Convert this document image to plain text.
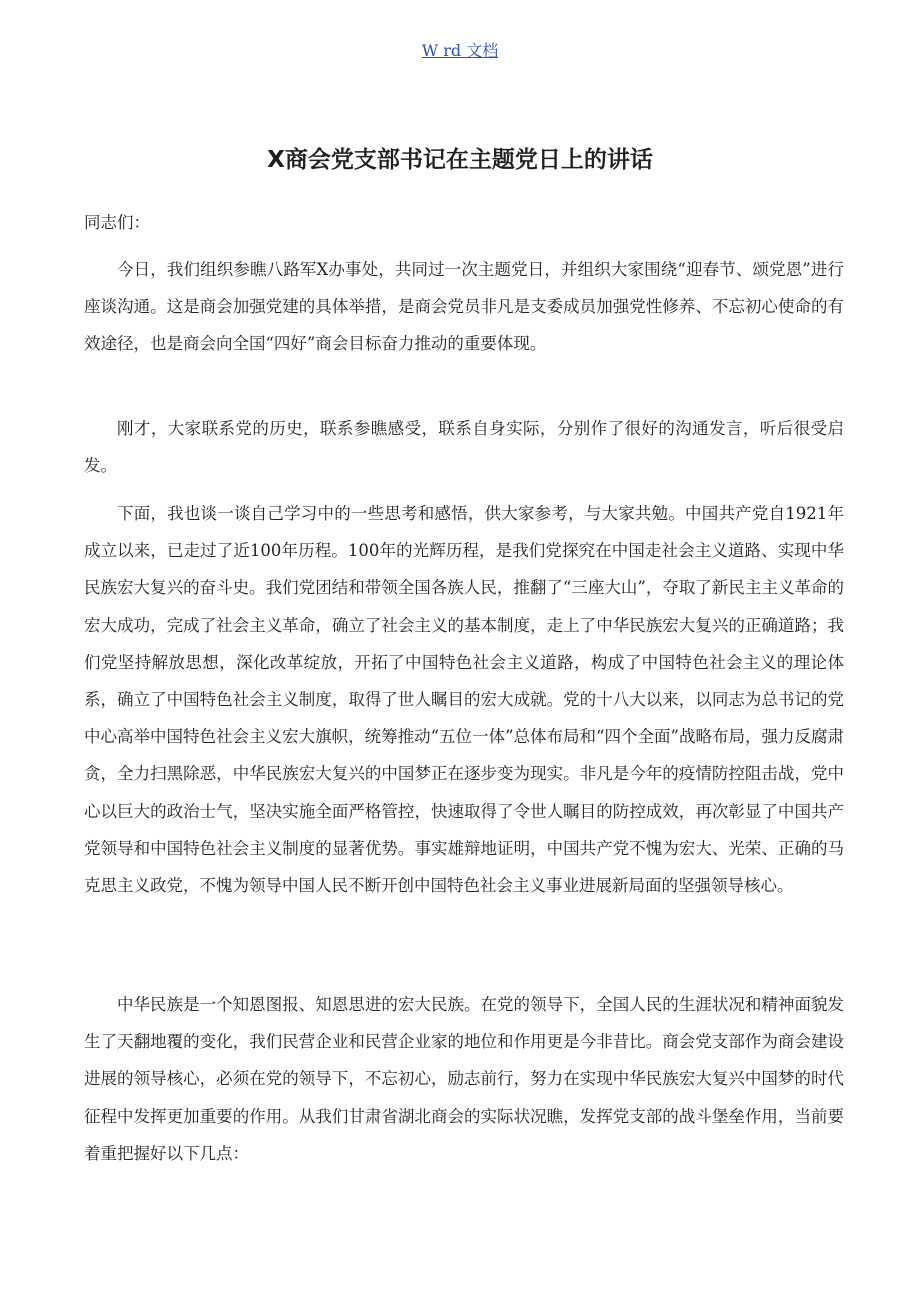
W rd 文档
X商会党支部书记在主题党日上的讲话

同志们：

今日，我们组织参瞧八路军X办事处，共同过一次主题党日，并组织大家围绕“迎春节、颂党恩”进行座谈沟通。这是商会加强党建的具体举措，是商会党员非凡是支委成员加强党性修养、不忘初心使命的有效途径，也是商会向全国“四好”商会目标奋力推动的重要体现。

刚才，大家联系党的历史，联系参瞧感受，联系自身实际，分别作了很好的沟通发言，听后很受启发。

下面，我也谈一谈自己学习中的一些思考和感悟，供大家参考，与大家共勉。中国共产党自1921年成立以来，已走过了近100年历程。100年的光辉历程，是我们党探究在中国走社会主义道路、实现中华民族宏大复兴的奋斗史。我们党团结和带领全国各族人民，推翻了“三座大山”，夺取了新民主主义革命的宏大成功，完成了社会主义革命，确立了社会主义的基本制度，走上了中华民族宏大复兴的正确道路；我们党坚持解放思想，深化改革绽放，开拓了中国特色社会主义道路，构成了中国特色社会主义的理论体系，确立了中国特色社会主义制度，取得了世人瞩目的宏大成就。党的十八大以来，以同志为总书记的党中心高举中国特色社会主义宏大旗帜，统筹推动“五位一体”总体布局和“四个全面”战略布局，强力反腐肃贪，全力扫黑除恶，中华民族宏大复兴的中国梦正在逐步变为现实。非凡是今年的疫情防控阻击战，党中心以巨大的政治士气，坚决实施全面严格管控，快速取得了令世人瞩目的防控成效，再次彰显了中国共产党领导和中国特色社会主义制度的显著优势。事实雄辩地证明，中国共产党不愧为宏大、光荣、正确的马克思主义政党，不愧为领导中国人民不断开创中国特色社会主义事业进展新局面的坚强领导核心。

中华民族是一个知恩图报、知恩思进的宏大民族。在党的领导下，全国人民的生涯状况和精神面貌发生了天翻地覆的变化，我们民营企业和民营企业家的地位和作用更是今非昔比。商会党支部作为商会建设进展的领导核心，必须在党的领导下，不忘初心，励志前行，努力在实现中华民族宏大复兴中国梦的时代征程中发挥更加重要的作用。从我们甘肃省湖北商会的实际状况瞧，发挥党支部的战斗堡垒作用，当前要着重把握好以下几点：
